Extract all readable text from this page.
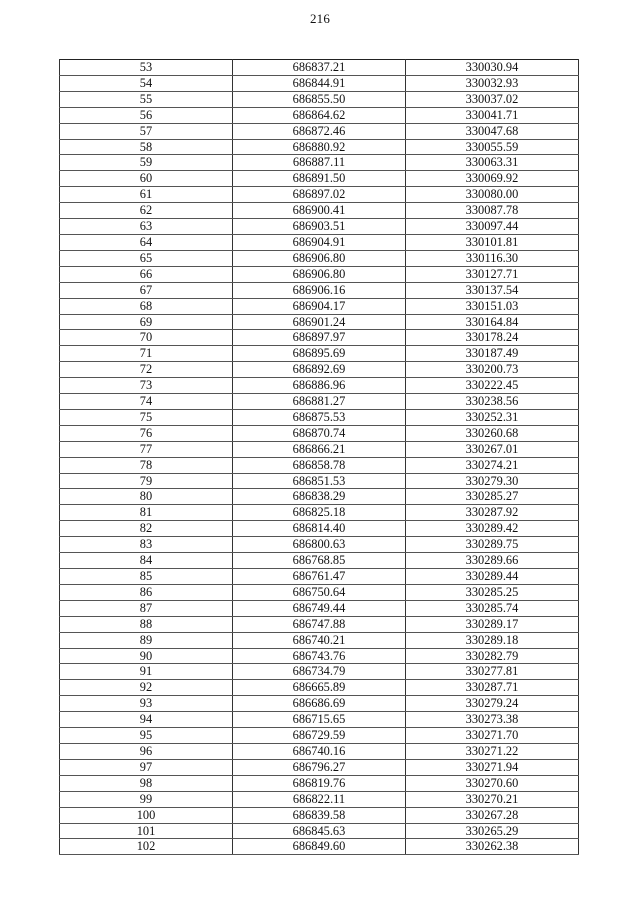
216
53	686837.21	330030.94
54	686844.91	330032.93
55	686855.50	330037.02
56	686864.62	330041.71
57	686872.46	330047.68
58	686880.92	330055.59
59	686887.11	330063.31
60	686891.50	330069.92
61	686897.02	330080.00
62	686900.41	330087.78
63	686903.51	330097.44
64	686904.91	330101.81
65	686906.80	330116.30
66	686906.80	330127.71
67	686906.16	330137.54
68	686904.17	330151.03
69	686901.24	330164.84
70	686897.97	330178.24
71	686895.69	330187.49
72	686892.69	330200.73
73	686886.96	330222.45
74	686881.27	330238.56
75	686875.53	330252.31
76	686870.74	330260.68
77	686866.21	330267.01
78	686858.78	330274.21
79	686851.53	330279.30
80	686838.29	330285.27
81	686825.18	330287.92
82	686814.40	330289.42
83	686800.63	330289.75
84	686768.85	330289.66
85	686761.47	330289.44
86	686750.64	330285.25
87	686749.44	330285.74
88	686747.88	330289.17
89	686740.21	330289.18
90	686743.76	330282.79
91	686734.79	330277.81
92	686665.89	330287.71
93	686686.69	330279.24
94	686715.65	330273.38
95	686729.59	330271.70
96	686740.16	330271.22
97	686796.27	330271.94
98	686819.76	330270.60
99	686822.11	330270.21
100	686839.58	330267.28
101	686845.63	330265.29
102	686849.60	330262.38
